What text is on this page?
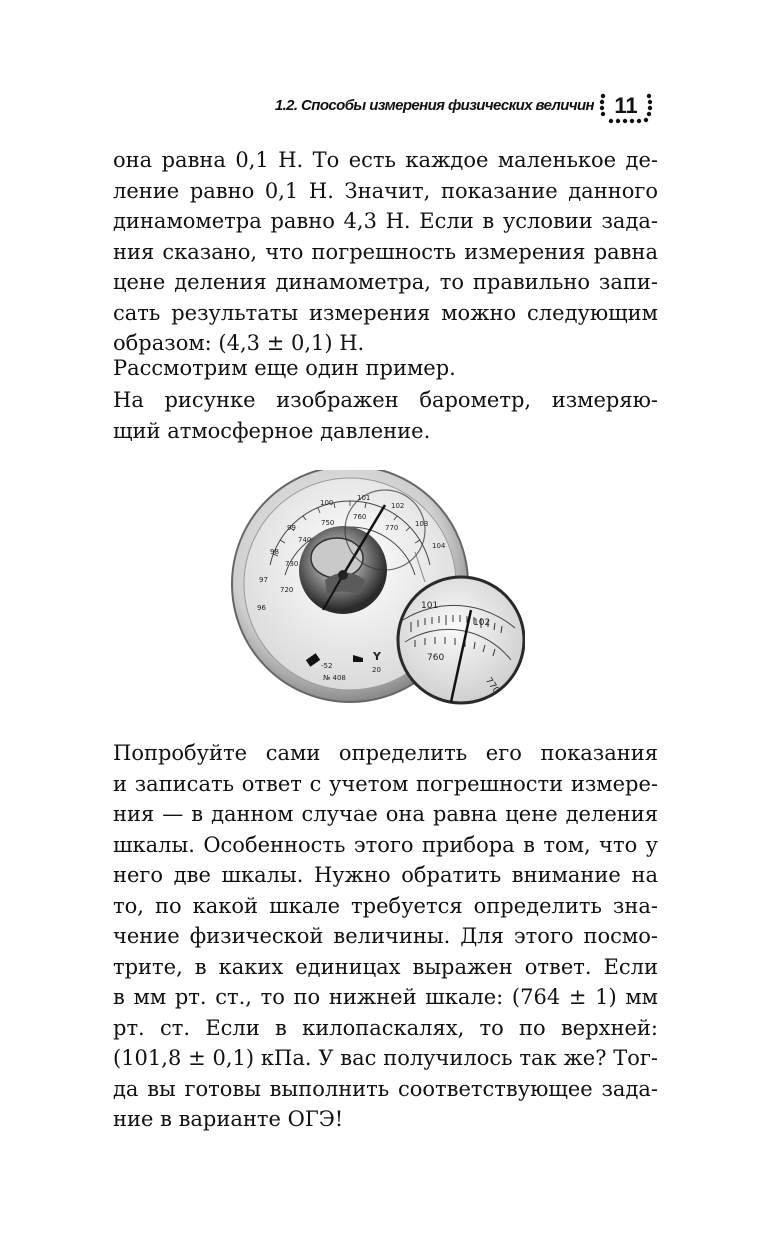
1.2. Способы измерения физических величин 11
она равна 0,1 Н. То есть каждое маленькое де-
ление равно 0,1 Н. Значит, показание данного
динамометра равно 4,3 Н. Если в условии зада-
ния сказано, что погрешность измерения равна
цене деления динамометра, то правильно запи-
сать результаты измерения можно следующим
образом: (4,3 ± 0,1) Н.
Рассмотрим еще один пример.
На рисунке изображен барометр, измеряю-
щий атмосферное давление.
96
97
98
99
100
101
102
103
104
720
730
740
750
760
770
-52
№ 408
Y
20
101
102
760
770
Попробуйте сами определить его показания
и записать ответ с учетом погрешности измере-
ния — в данном случае она равна цене деления
шкалы. Особенность этого прибора в том, что у
него две шкалы. Нужно обратить внимание на
то, по какой шкале требуется определить зна-
чение физической величины. Для этого посмо-
трите, в каких единицах выражен ответ. Если
в мм рт. ст., то по нижней шкале: (764 ± 1) мм
рт. ст. Если в килопаскалях, то по верхней:
(101,8 ± 0,1) кПа. У вас получилось так же? Тог-
да вы готовы выполнить соответствующее зада-
ние в варианте ОГЭ!
